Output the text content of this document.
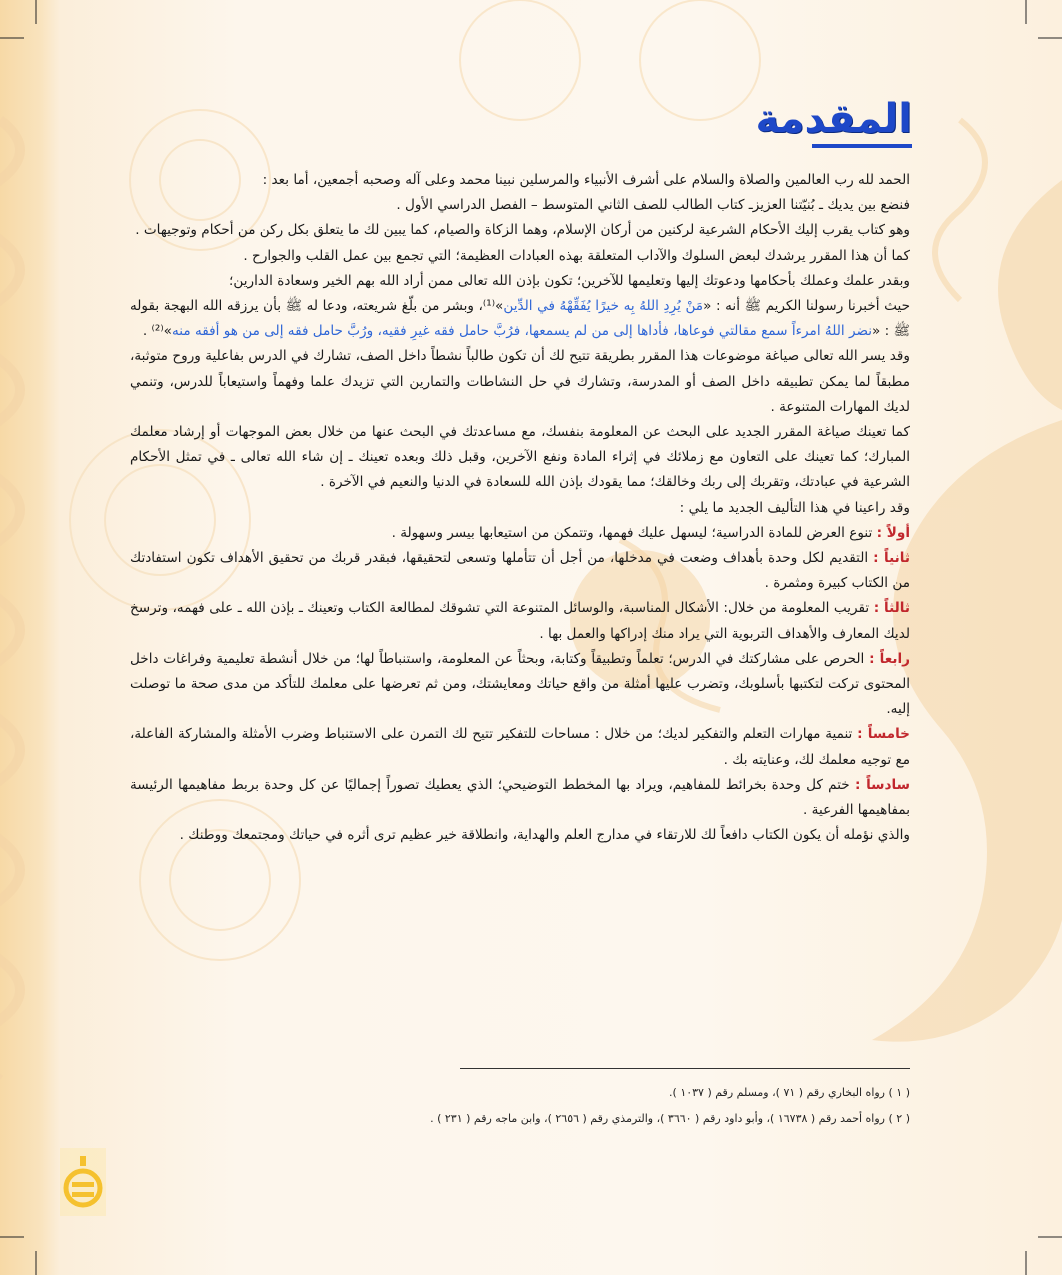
المقدمة

الحمد لله رب العالمين والصلاة والسلام على أشرف الأنبياء والمرسلين نبينا محمد وعلى آله وصحبه أجمعين، أما بعد :

فنضع بين يديك ـ بُنيّتنا العزيزـ كتاب الطالب للصف الثاني المتوسط – الفصل الدراسي الأول .

وهو كتاب يقرب إليك الأحكام الشرعية لركنين من أركان الإسلام، وهما الزكاة والصيام، كما يبين لك ما يتعلق بكل ركن من أحكام وتوجيهات .

كما أن هذا المقرر يرشدك لبعض السلوك والآداب المتعلقة بهذه العبادات العظيمة؛ التي تجمع بين عمل القلب والجوارح .

وبقدر علمك وعملك بأحكامها ودعوتك إليها وتعليمها للآخرين؛ تكون بإذن الله تعالى ممن أراد الله بهم الخير وسعادة الدارين؛

حيث أخبرنا رسولنا الكريم ﷺ أنه : «مَنْ يُرِدِ اللهُ بِه خيرًا يُفَقِّهْهُ في الدِّين»⁽¹⁾، وبشر من بلّغ شريعته، ودعا له ﷺ بأن يرزقه الله البهجة بقوله ﷺ : «نضر اللهُ امرءاً سمع مقالتي فوعاها، فأداها إلى من لم يسمعها، فرُبَّ حامل فقه غيرِ فقيه، ورُبَّ حامل فقه إلى من هو أفقه منه»⁽²⁾ .

وقد يسر الله تعالى صياغة موضوعات هذا المقرر بطريقة تتيح لك أن تكون طالباً نشطاً داخل الصف، تشارك في الدرس بفاعلية وروح متوثبة، مطبقاً لما يمكن تطبيقه داخل الصف أو المدرسة، وتشارك في حل النشاطات والتمارين التي تزيدك علما وفهماً واستيعاباً للدرس، وتنمي لديك المهارات المتنوعة .

كما تعينك صياغة المقرر الجديد على البحث عن المعلومة بنفسك، مع مساعدتك في البحث عنها من خلال بعض الموجهات أو إرشاد معلمك المبارك؛ كما تعينك على التعاون مع زملائك في إثراء المادة ونفع الآخرين، وقبل ذلك وبعده تعينك ـ إن شاء الله تعالى ـ في تمثل الأحكام الشرعية في عبادتك، وتقربك إلى ربك وخالقك؛ مما يقودك بإذن الله للسعادة في الدنيا والنعيم في الآخرة .

وقد راعينا في هذا التأليف الجديد ما يلي :

أولاً : تنوع العرض للمادة الدراسية؛ ليسهل عليك فهمها، وتتمكن من استيعابها بيسر وسهولة .

ثانياً : التقديم لكل وحدة بأهداف وضعت في مدخلها، من أجل أن تتأملها وتسعى لتحقيقها، فبقدر قربك من تحقيق الأهداف تكون استفادتك من الكتاب كبيرة ومثمرة .

ثالثاً : تقريب المعلومة من خلال: الأشكال المناسبة، والوسائل المتنوعة التي تشوقك لمطالعة الكتاب وتعينك ـ بإذن الله ـ على فهمه، وترسخ لديك المعارف والأهداف التربوية التي يراد منك إدراكها والعمل بها .

رابعاً : الحرص على مشاركتك في الدرس؛ تعلماً وتطبيقاً وكتابة، وبحثاً عن المعلومة، واستنباطاً لها؛ من خلال أنشطة تعليمية وفراغات داخل المحتوى تركت لتكتبها بأسلوبك، وتضرب عليها أمثلة من واقع حياتك ومعايشتك، ومن ثم تعرضها على معلمك للتأكد من مدى صحة ما توصلت إليه.

خامساً : تنمية مهارات التعلم والتفكير لديك؛ من خلال : مساحات للتفكير تتيح لك التمرن على الاستنباط وضرب الأمثلة والمشاركة الفاعلة، مع توجيه معلمك لك، وعنايته بك .

سادساً : ختم كل وحدة بخرائط للمفاهيم، ويراد بها المخطط التوضيحي؛ الذي يعطيك تصوراً إجماليًا عن كل وحدة بربط مفاهيمها الرئيسة بمفاهيمها الفرعية .

والذي نؤمله أن يكون الكتاب دافعاً لك للارتقاء في مدارج العلم والهداية، وانطلاقة خير عظيم ترى أثره في حياتك ومجتمعك ووطنك .

( ١ ) رواه البخاري رقم ( ٧١ )، ومسلم رقم ( ١٠٣٧ ).

( ٢ ) رواه أحمد رقم ( ١٦٧٣٨ )، وأبو داود رقم ( ٣٦٦٠ )، والترمذي رقم ( ٢٦٥٦ )، وابن ماجه رقم ( ٢٣١ ) .
